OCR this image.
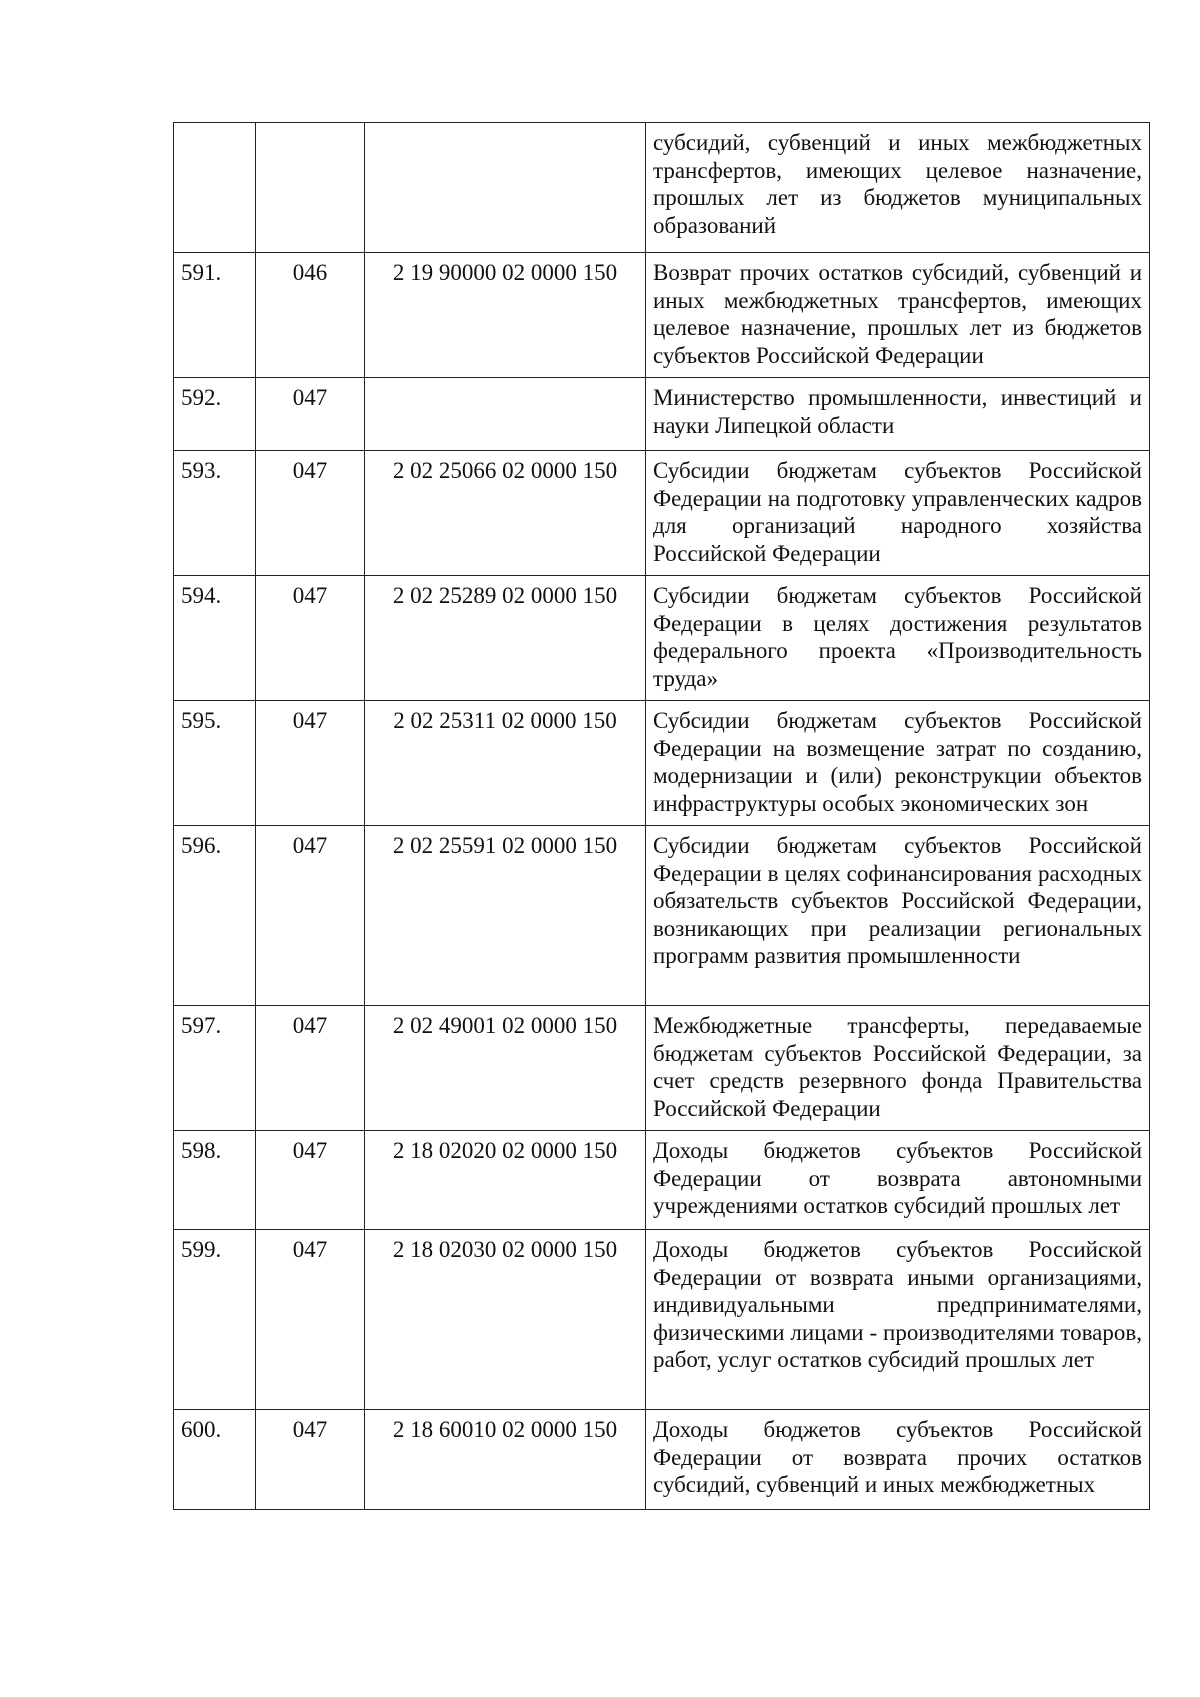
			субсидий, субвенций и иных межбюджетных трансфертов, имеющих целевое назначение, прошлых лет из бюджетов муниципальных образований
591.	046	2 19 90000 02 0000 150	Возврат прочих остатков субсидий, субвенций и иных межбюджетных трансфертов, имеющих целевое назначение, прошлых лет из бюджетов субъектов Российской Федерации
592.	047		Министерство промышленности, инвестиций и науки Липецкой области
593.	047	2 02 25066 02 0000 150	Субсидии бюджетам субъектов Российской Федерации на подготовку управленческих кадров для организаций народного хозяйства Российской Федерации
594.	047	2 02 25289 02 0000 150	Субсидии бюджетам субъектов Российской Федерации в целях достижения результатов федерального проекта «Производительность труда»
595.	047	2 02 25311 02 0000 150	Субсидии бюджетам субъектов Российской Федерации на возмещение затрат по созданию, модернизации и (или) реконструкции объектов инфраструктуры особых экономических зон
596.	047	2 02 25591 02 0000 150	Субсидии бюджетам субъектов Российской Федерации в целях софинансирования расходных обязательств субъектов Российской Федерации, возникающих при реализации региональных программ развития промышленности
597.	047	2 02 49001 02 0000 150	Межбюджетные трансферты, передаваемые бюджетам субъектов Российской Федерации, за счет средств резервного фонда Правительства Российской Федерации
598.	047	2 18 02020 02 0000 150	Доходы бюджетов субъектов Российской Федерации от возврата автономными учреждениями остатков субсидий прошлых лет
599.	047	2 18 02030 02 0000 150	Доходы бюджетов субъектов Российской Федерации от возврата иными организациями, индивидуальными предпринимателями, физическими лицами - производителями товаров, работ, услуг остатков субсидий прошлых лет
600.	047	2 18 60010 02 0000 150	Доходы бюджетов субъектов Российской Федерации от возврата прочих остатков субсидий, субвенций и иных межбюджетных
